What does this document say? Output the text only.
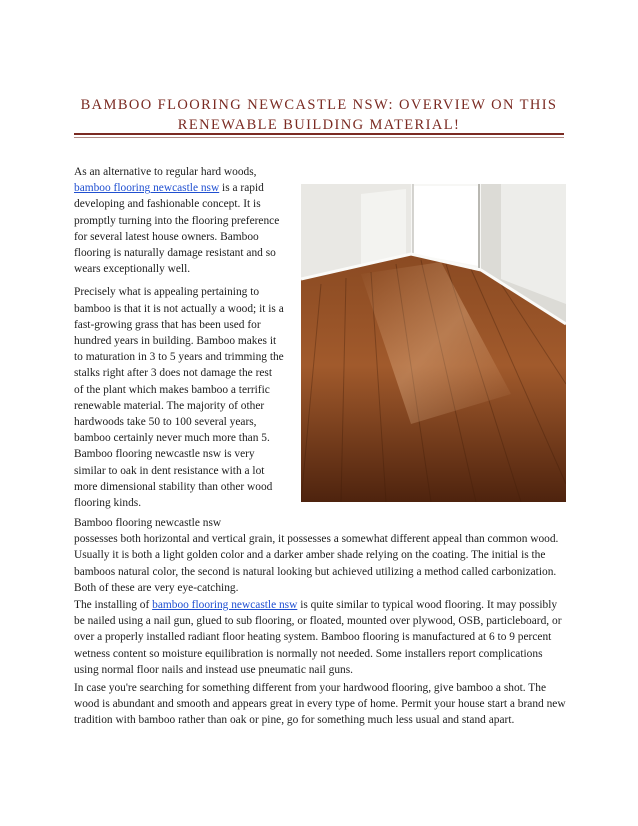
BAMBOO FLOORING NEWCASTLE NSW: OVERVIEW ON THIS
RENEWABLE BUILDING MATERIAL!

As an alternative to regular hard woods, bamboo flooring newcastle nsw is a rapid developing and fashionable concept. It is promptly turning into the flooring preference for several latest house owners. Bamboo flooring is naturally damage resistant and so wears exceptionally well.

Precisely what is appealing pertaining to bamboo is that it is not actually a wood; it is a fast-growing grass that has been used for hundred years in building. Bamboo makes it to maturation in 3 to 5 years and trimming the stalks right after 3 does not damage the rest of the plant which makes bamboo a terrific renewable material. The majority of other hardwoods take 50 to 100 several years, bamboo certainly never much more than 5. Bamboo flooring newcastle nsw is very similar to oak in dent resistance with a lot more dimensional stability than other wood flooring kinds.

Bamboo flooring newcastle nsw
possesses both horizontal and vertical grain, it possesses a somewhat different appeal than common wood. Usually it is both a light golden color and a darker amber shade relying on the coating. The initial is the bamboos natural color, the second is natural looking but achieved utilizing a method called carbonization. Both of these are very eye-catching.

The installing of bamboo flooring newcastle nsw is quite similar to typical wood flooring. It may possibly be nailed using a nail gun, glued to sub flooring, or floated, mounted over plywood, OSB, particleboard, or over a properly installed radiant floor heating system. Bamboo flooring is manufactured at 6 to 9 percent wetness content so moisture equilibration is normally not needed. Some installers report complications using normal floor nails and instead use pneumatic nail guns.

In case you're searching for something different from your hardwood flooring, give bamboo a shot. The wood is abundant and smooth and appears great in every type of home. Permit your house start a brand new tradition with bamboo rather than oak or pine, go for something much less usual and stand apart.
